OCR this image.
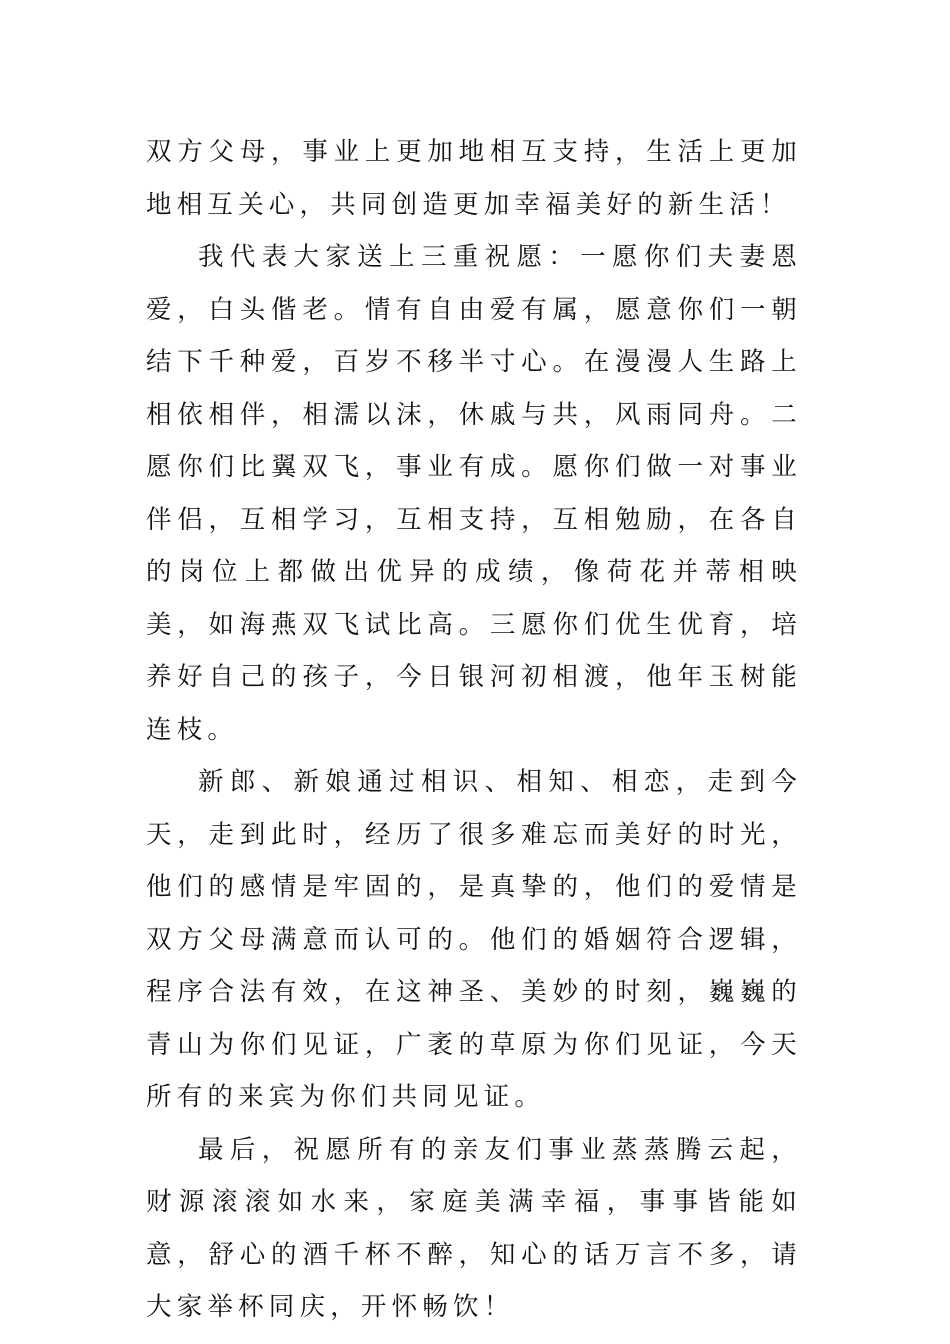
双方父母，事业上更加地相互支持，生活上更加地相互关心，共同创造更加幸福美好的新生活！

我代表大家送上三重祝愿：一愿你们夫妻恩爱，白头偕老。情有自由爱有属，愿意你们一朝结下千种爱，百岁不移半寸心。在漫漫人生路上相依相伴，相濡以沫，休戚与共，风雨同舟。二愿你们比翼双飞，事业有成。愿你们做一对事业伴侣，互相学习，互相支持，互相勉励，在各自的岗位上都做出优异的成绩，像荷花并蒂相映美，如海燕双飞试比高。三愿你们优生优育，培养好自己的孩子，今日银河初相渡，他年玉树能连枝。

新郎、新娘通过相识、相知、相恋，走到今天，走到此时，经历了很多难忘而美好的时光，他们的感情是牢固的，是真挚的，他们的爱情是双方父母满意而认可的。他们的婚姻符合逻辑，程序合法有效，在这神圣、美妙的时刻，巍巍的青山为你们见证，广袤的草原为你们见证，今天所有的来宾为你们共同见证。

最后，祝愿所有的亲友们事业蒸蒸腾云起，财源滚滚如水来，家庭美满幸福，事事皆能如意，舒心的酒千杯不醉，知心的话万言不多，请大家举杯同庆，开怀畅饮！
